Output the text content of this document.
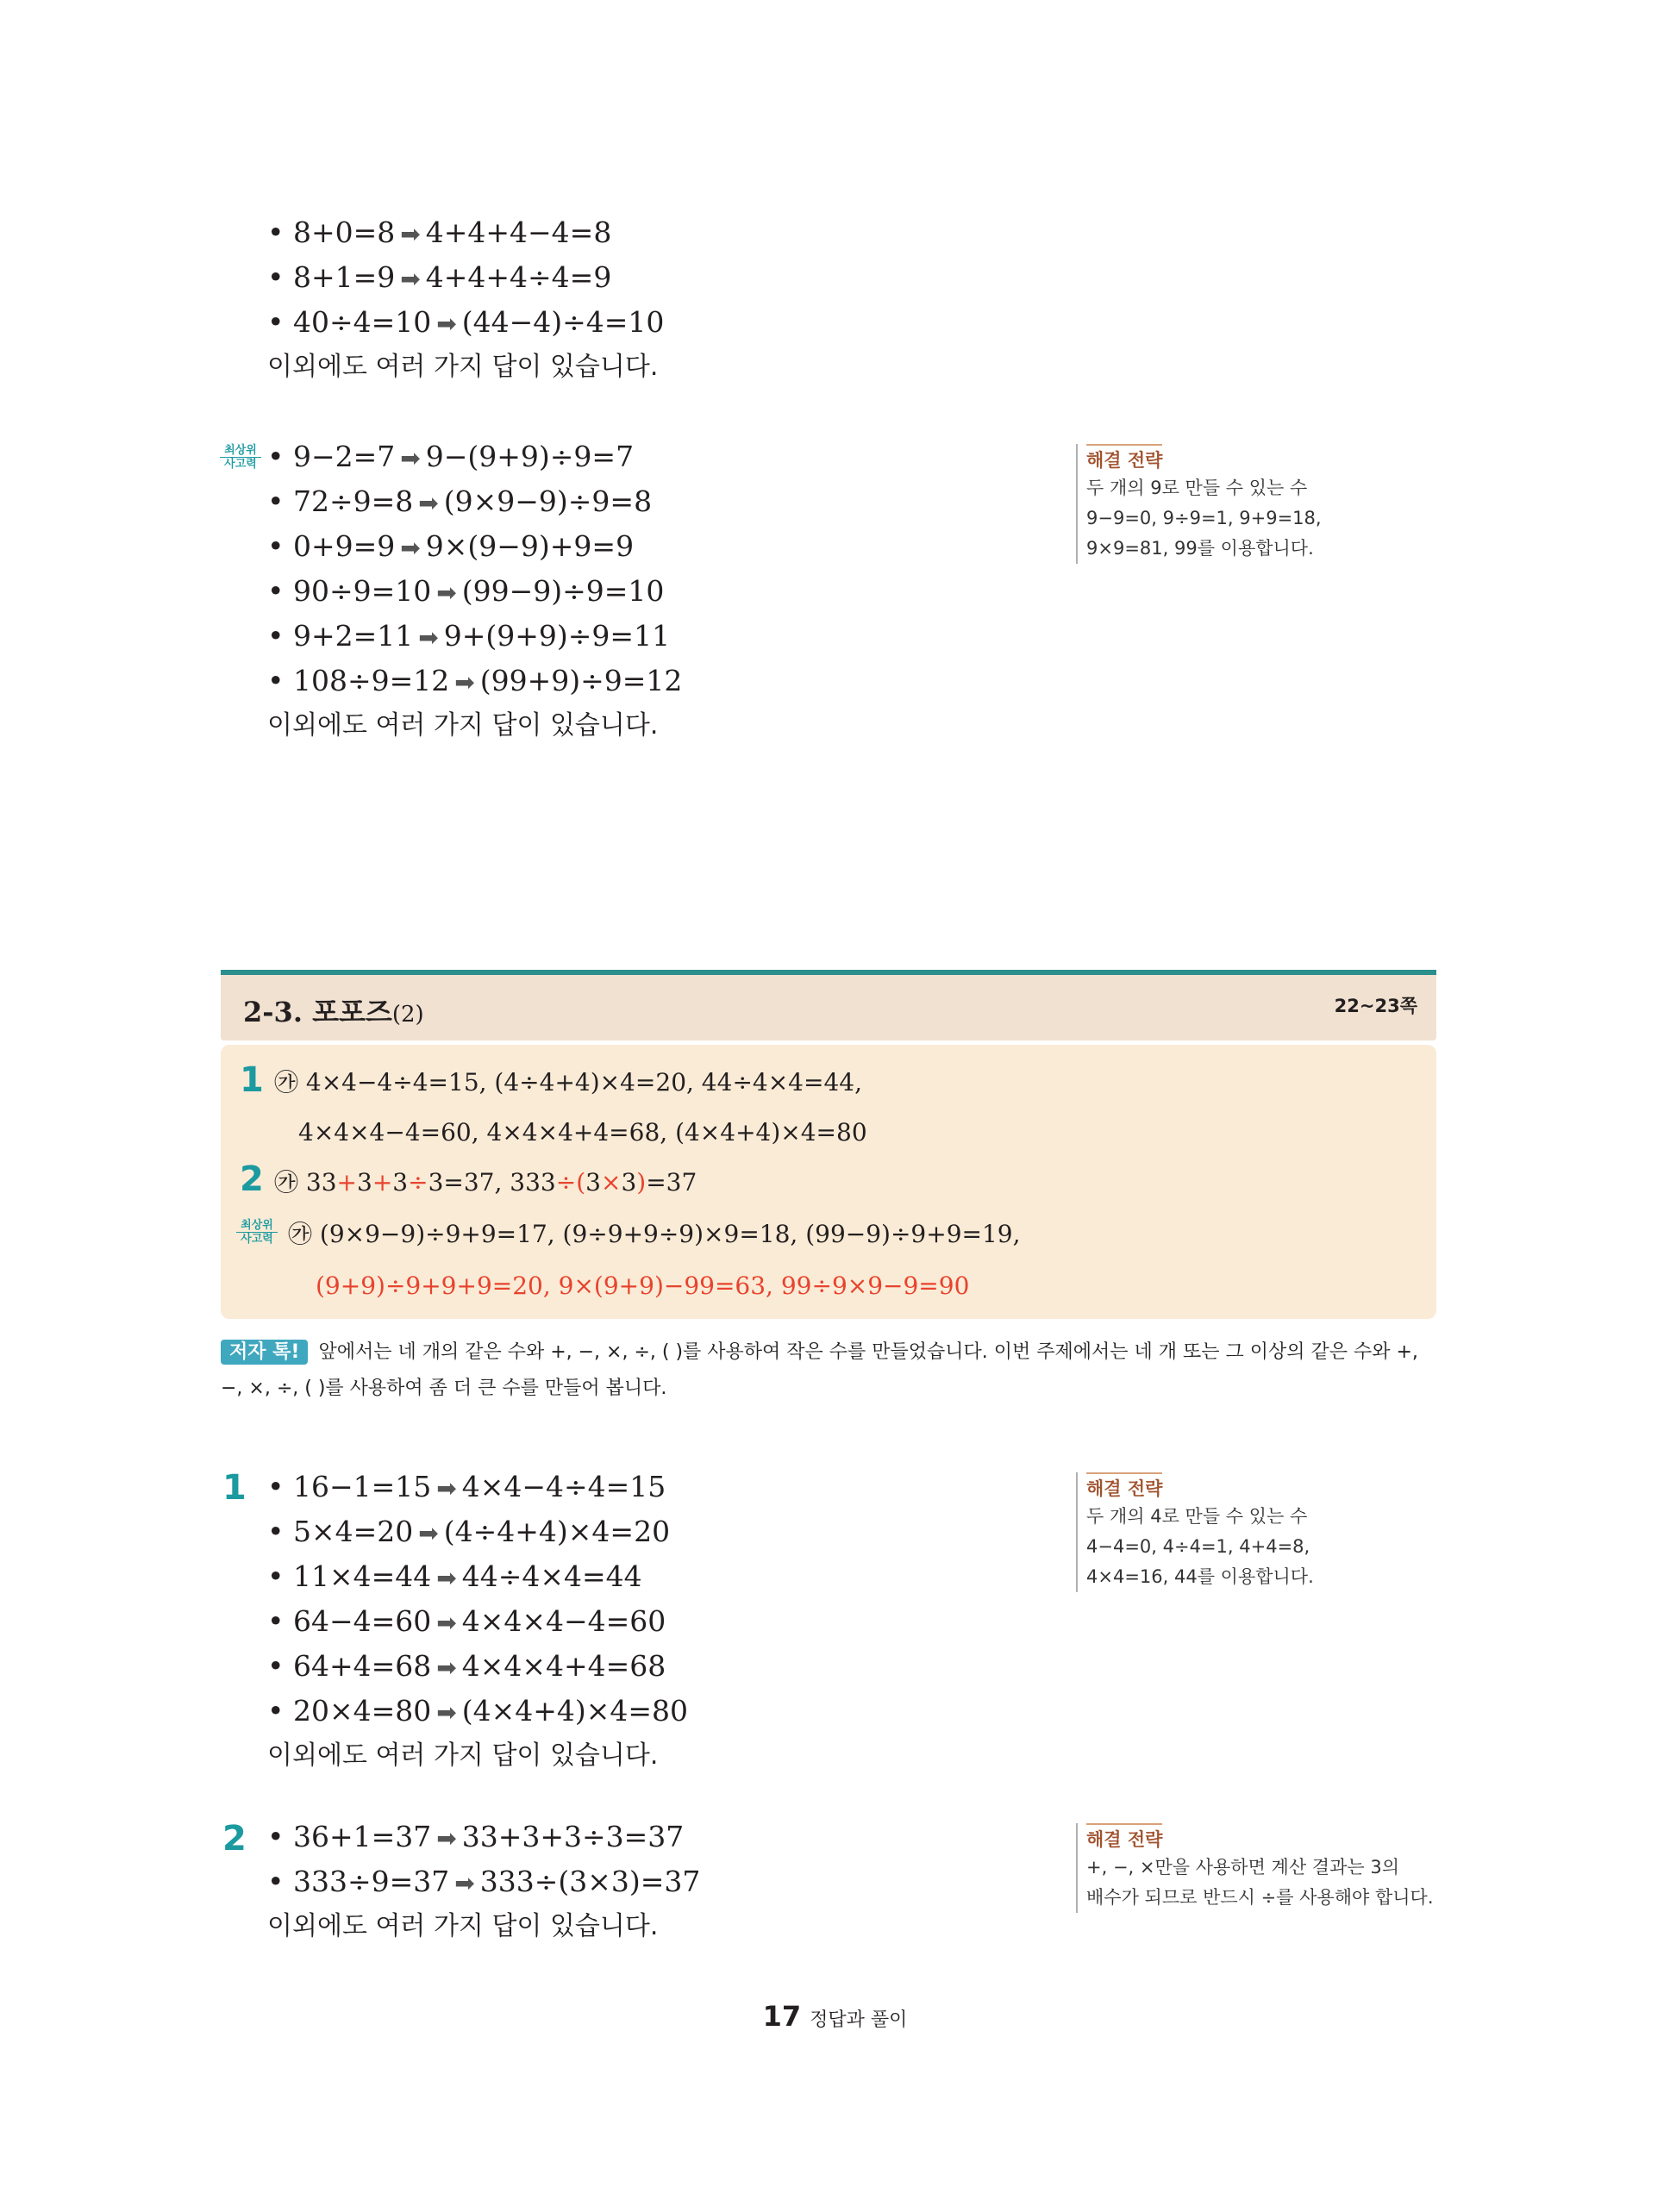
• 8+0=8 ➡ 4+4+4−4=8
• 8+1=9 ➡ 4+4+4÷4=9
• 40÷4=10 ➡ (44−4)÷4=10
이외에도 여러 가지 답이 있습니다.
최상위
사고력 • 9−2=7 ➡ 9−(9+9)÷9=7
• 72÷9=8 ➡ (9×9−9)÷9=8
• 0+9=9 ➡ 9×(9−9)+9=9
• 90÷9=10 ➡ (99−9)÷9=10
• 9+2=11 ➡ 9+(9+9)÷9=11
• 108÷9=12 ➡ (99+9)÷9=12
이외에도 여러 가지 답이 있습니다.
해결 전략
두 개의 9로 만들 수 있는 수
9−9=0, 9÷9=1, 9+9=18,
9×9=81, 99를 이용합니다.
2-3. 포포즈(2)	22~23쪽
1 ㉮ 4×4−4÷4=15, (4÷4+4)×4=20, 44÷4×4=44,
4×4×4−4=60, 4×4×4+4=68, (4×4+4)×4=80
2 ㉮ 33+3+3÷3=37, 333÷(3×3)=37
최상위
사고력 ㉮ (9×9−9)÷9+9=17, (9÷9+9÷9)×9=18, (99−9)÷9+9=19,
(9+9)÷9+9+9=20, 9×(9+9)−99=63, 99÷9×9−9=90
저자 톡! 앞에서는 네 개의 같은 수와 +, −, ×, ÷, ( )를 사용하여 작은 수를 만들었습니다. 이번 주제에서는 네 개 또는 그 이상의 같은 수와 +, −, ×, ÷, ( )를 사용하여 좀 더 큰 수를 만들어 봅니다.
1 • 16−1=15 ➡ 4×4−4÷4=15
• 5×4=20 ➡ (4÷4+4)×4=20
• 11×4=44 ➡ 44÷4×4=44
• 64−4=60 ➡ 4×4×4−4=60
• 64+4=68 ➡ 4×4×4+4=68
• 20×4=80 ➡ (4×4+4)×4=80
이외에도 여러 가지 답이 있습니다.
해결 전략
두 개의 4로 만들 수 있는 수
4−4=0, 4÷4=1, 4+4=8,
4×4=16, 44를 이용합니다.
2 • 36+1=37 ➡ 33+3+3÷3=37
• 333÷9=37 ➡ 333÷(3×3)=37
이외에도 여러 가지 답이 있습니다.
해결 전략
+, −, ×만을 사용하면 계산 결과는 3의
배수가 되므로 반드시 ÷를 사용해야 합니다.
17 정답과 풀이
